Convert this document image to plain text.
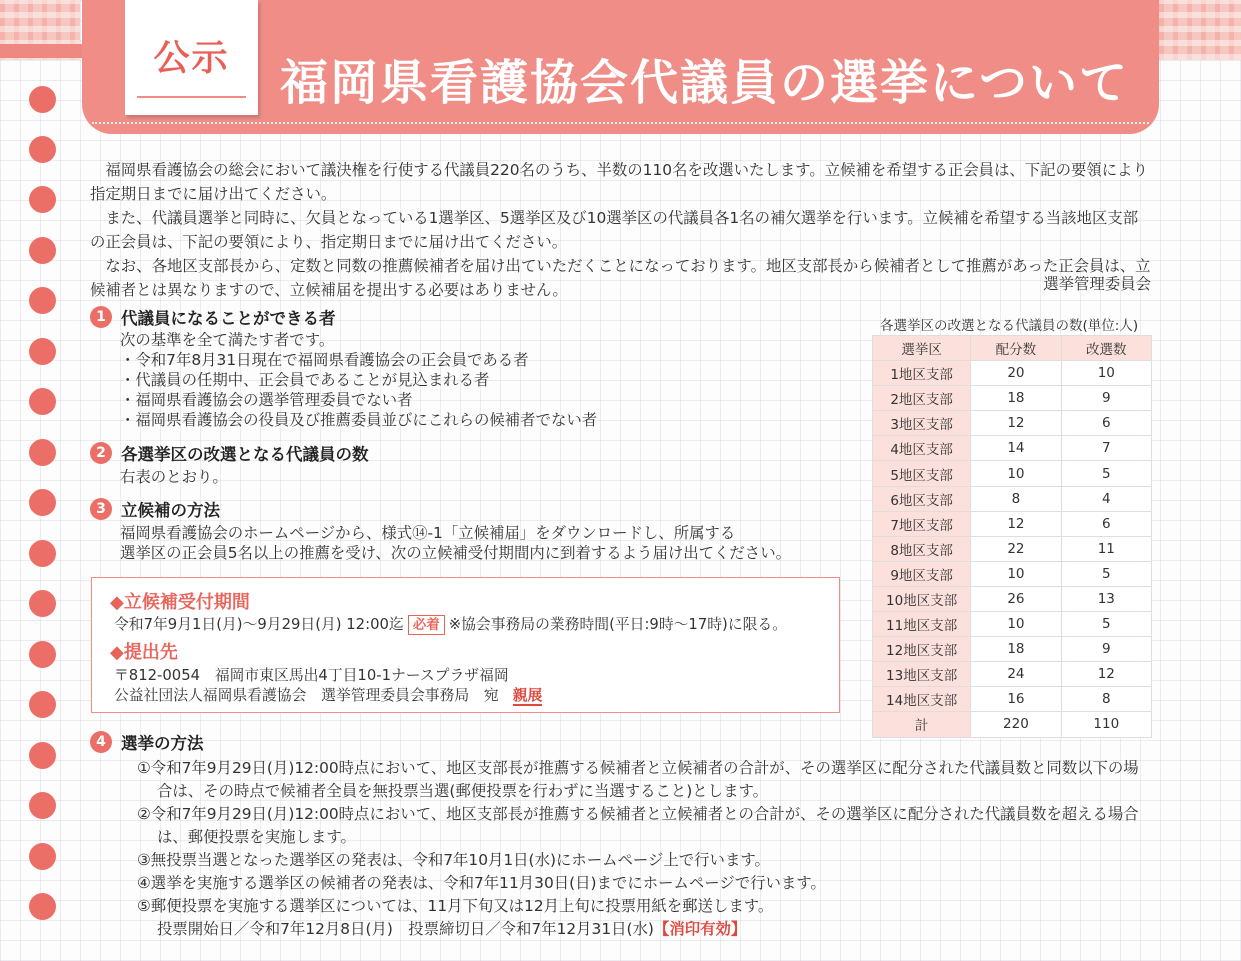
公示	福岡県看護協会代議員の選挙について

福岡県看護協会の総会において議決権を行使する代議員220名のうち、半数の110名を改選いたします。立候補を希望する正会員は、下記の要領により指定期日までに届け出てください。

また、代議員選挙と同時に、欠員となっている1選挙区、5選挙区及び10選挙区の代議員各1名の補欠選挙を行います。立候補を希望する当該地区支部の正会員は、下記の要領により、指定期日までに届け出てください。

なお、各地区支部長から、定数と同数の推薦候補者を届け出ていただくことになっております。地区支部長から候補者として推薦があった正会員は、立候補者とは異なりますので、立候補届を提出する必要はありません。	選挙管理委員会
1 代議員になることができる者
次の基準を全て満たす者です。
・令和7年8月31日現在で福岡県看護協会の正会員である者
・代議員の任期中、正会員であることが見込まれる者
・福岡県看護協会の選挙管理委員でない者
・福岡県看護協会の役員及び推薦委員並びにこれらの候補者でない者
2 各選挙区の改選となる代議員の数
右表のとおり。
3 立候補の方法
福岡県看護協会のホームページから、様式⑭-1「立候補届」をダウンロードし、所属する
選挙区の正会員5名以上の推薦を受け、次の立候補受付期間内に到着するよう届け出てください。
◆立候補受付期間
令和7年9月1日(月)～9月29日(月) 12:00迄 必着 ※協会事務局の業務時間(平日:9時～17時)に限る。
◆提出先
〒812-0054　福岡市東区馬出4丁目10-1ナースプラザ福岡
公益社団法人福岡県看護協会　選挙管理委員会事務局　宛 親展
各選挙区の改選となる代議員の数(単位:人)
選挙区	配分数	改選数
1地区支部	20	10
2地区支部	18	9
3地区支部	12	6
4地区支部	14	7
5地区支部	10	5
6地区支部	8	4
7地区支部	12	6
8地区支部	22	11
9地区支部	10	5
10地区支部	26	13
11地区支部	10	5
12地区支部	18	9
13地区支部	24	12
14地区支部	16	8
計	220	110
4 選挙の方法
①令和7年9月29日(月)12:00時点において、地区支部長が推薦する候補者と立候補者の合計が、その選挙区に配分された代議員数と同数以下の場合は、その時点で候補者全員を無投票当選(郵便投票を行わずに当選すること)とします。
②令和7年9月29日(月)12:00時点において、地区支部長が推薦する候補者と立候補者との合計が、その選挙区に配分された代議員数を超える場合は、郵便投票を実施します。
③無投票当選となった選挙区の発表は、令和7年10月1日(水)にホームページ上で行います。
④選挙を実施する選挙区の候補者の発表は、令和7年11月30日(日)までにホームページで行います。
⑤郵便投票を実施する選挙区については、11月下旬又は12月上旬に投票用紙を郵送します。
投票開始日／令和7年12月8日(月)　投票締切日／令和7年12月31日(水)【消印有効】
